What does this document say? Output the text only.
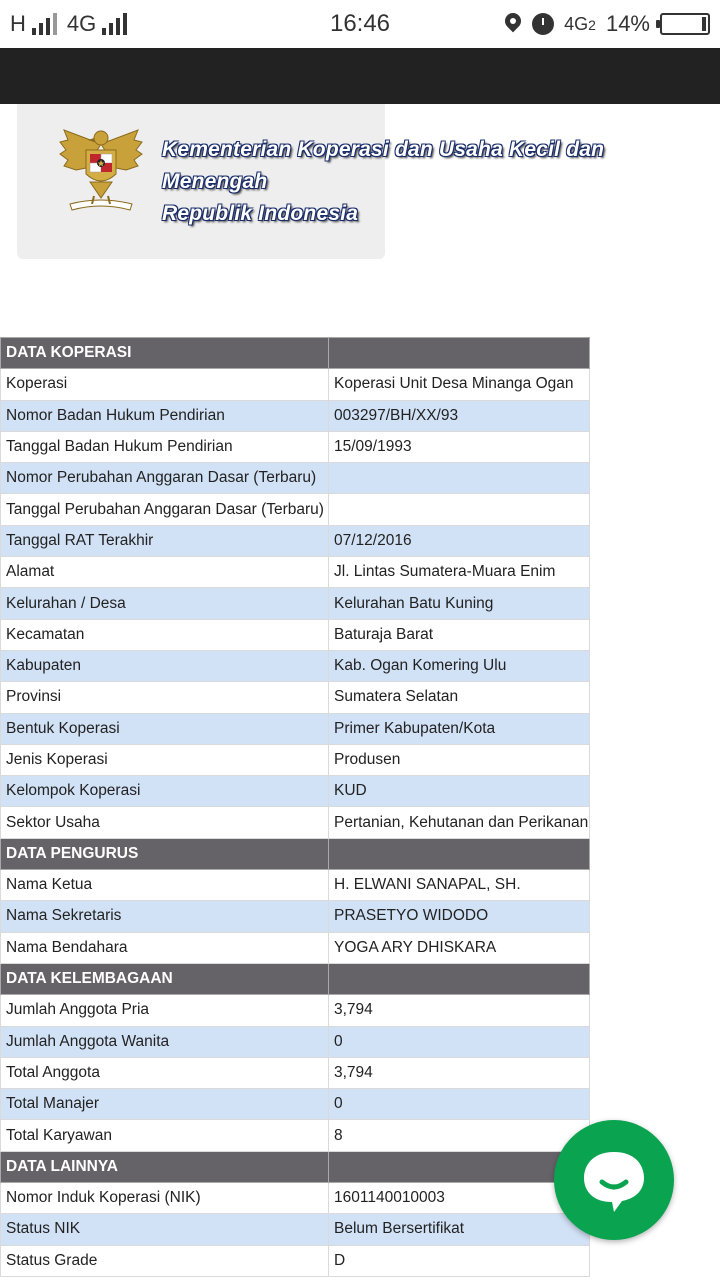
H 4G	16:46	4G2 14%
Kementerian Koperasi dan Usaha Kecil dan Menengah
Republik Indonesia
DATA KOPERASI	
Koperasi	Koperasi Unit Desa Minanga Ogan
Nomor Badan Hukum Pendirian	003297/BH/XX/93
Tanggal Badan Hukum Pendirian	15/09/1993
Nomor Perubahan Anggaran Dasar (Terbaru)	
Tanggal Perubahan Anggaran Dasar (Terbaru)	
Tanggal RAT Terakhir	07/12/2016
Alamat	Jl. Lintas Sumatera-Muara Enim
Kelurahan / Desa	Kelurahan Batu Kuning
Kecamatan	Baturaja Barat
Kabupaten	Kab. Ogan Komering Ulu
Provinsi	Sumatera Selatan
Bentuk Koperasi	Primer Kabupaten/Kota
Jenis Koperasi	Produsen
Kelompok Koperasi	KUD
Sektor Usaha	Pertanian, Kehutanan dan Perikanan
DATA PENGURUS	
Nama Ketua	H. ELWANI SANAPAL, SH.
Nama Sekretaris	PRASETYO WIDODO
Nama Bendahara	YOGA ARY DHISKARA
DATA KELEMBAGAAN	
Jumlah Anggota Pria	3,794
Jumlah Anggota Wanita	0
Total Anggota	3,794
Total Manajer	0
Total Karyawan	8
DATA LAINNYA	
Nomor Induk Koperasi (NIK)	1601140010003
Status NIK	Belum Bersertifikat
Status Grade	D
